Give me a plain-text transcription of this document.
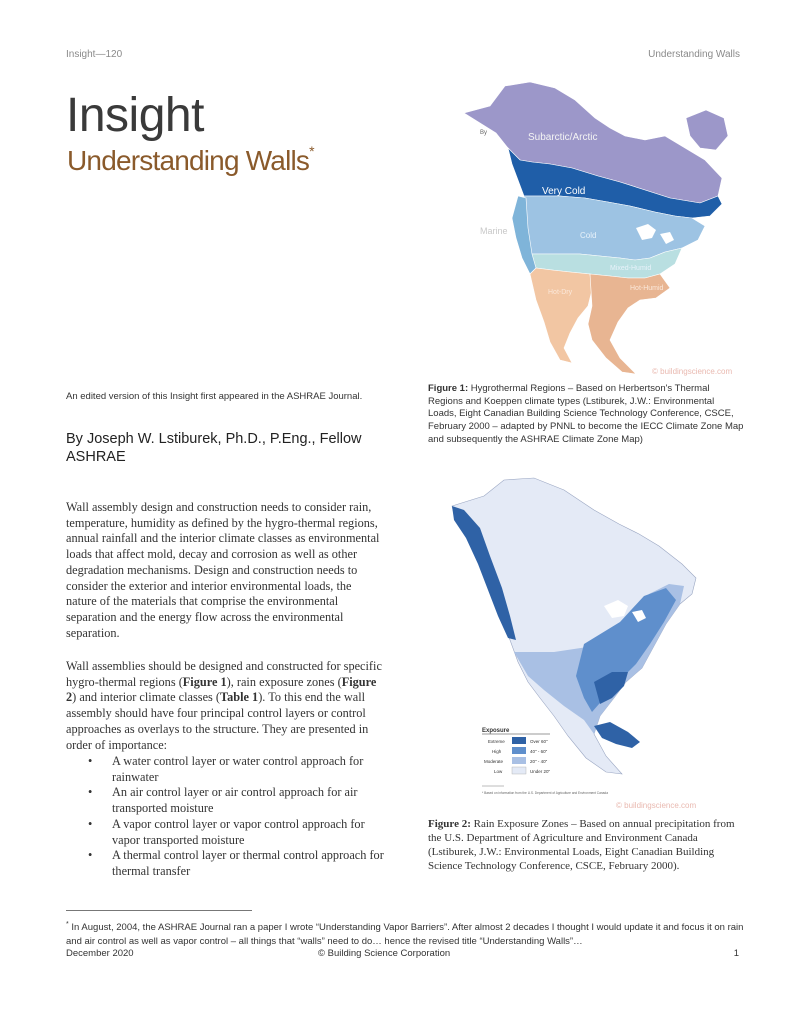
Insight—120	Understanding Walls
Insight
Understanding Walls*
Subarctic/Arctic
Very Cold
Marine	Cold
Mixed-Humid
Hot-Dry
Hot-Humid
By
© buildingscience.com
An edited version of this Insight first appeared in the ASHRAE Journal.
By Joseph W. Lstiburek, Ph.D., P.Eng., Fellow ASHRAE
Wall assembly design and construction needs to consider rain, temperature, humidity as defined by the hygro-thermal regions, annual rainfall and the interior climate classes as environmental loads that affect mold, decay and corrosion as well as other degradation mechanisms. Design and construction needs to consider the exterior and interior environmental loads, the nature of the materials that comprise the environmental separation and the energy flow across the environmental separation.
Wall assemblies should be designed and constructed for specific hygro-thermal regions (Figure 1), rain exposure zones (Figure 2) and interior climate classes (Table 1). To this end the wall assembly should have four principal control layers or control approaches as overlays to the structure. They are presented in order of importance:
• A water control layer or water control approach for rainwater
• An air control layer or air control approach for air transported moisture
• A vapor control layer or vapor control approach for vapor transported moisture
• A thermal control layer or thermal control approach for thermal transfer
Figure 1: Hygrothermal Regions – Based on Herbertson's Thermal Regions and Koeppen climate types (Lstiburek, J.W.: Environmental Loads, Eight Canadian Building Science Technology Conference, CSCE, February 2000 – adapted by PNNL to become the IECC Climate Zone Map and subsequently the ASHRAE Climate Zone Map)
Exposure
Extreme
High
Moderate
Low
Over 60"
40" - 60"
20" - 40"
Under 20"
* Based on information from the U.S. Department of Agriculture and Environment Canada
© buildingscience.com
Figure 2: Rain Exposure Zones – Based on annual precipitation from the U.S. Department of Agriculture and Environment Canada (Lstiburek, J.W.: Environmental Loads, Eight Canadian Building Science Technology Conference, CSCE, February 2000).
* In August, 2004, the ASHRAE Journal ran a paper I wrote “Understanding Vapor Barriers”. After almost 2 decades I thought I would update it and focus it on rain and air control as well as vapor control – all things that “walls” need to do… hence the revised title “Understanding Walls”…
December 2020	© Building Science Corporation	1
